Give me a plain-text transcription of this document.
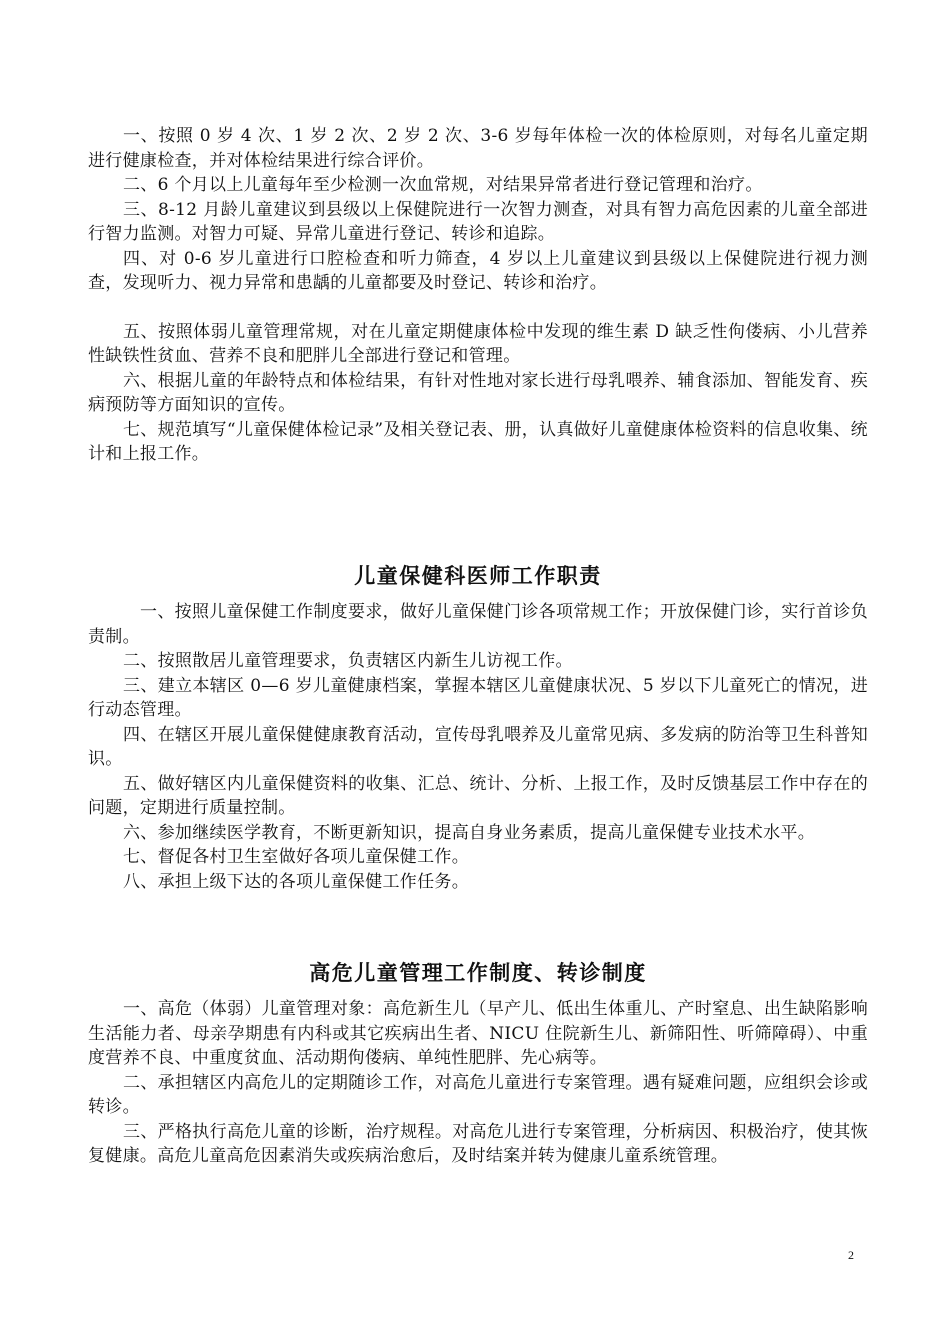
一、按照 0 岁 4 次、1 岁 2 次、2 岁 2 次、3-6 岁每年体检一次的体检原则，对每名儿童定期进行健康检查，并对体检结果进行综合评价。

二、6 个月以上儿童每年至少检测一次血常规，对结果异常者进行登记管理和治疗。

三、8-12 月龄儿童建议到县级以上保健院进行一次智力测查，对具有智力高危因素的儿童全部进行智力监测。对智力可疑、异常儿童进行登记、转诊和追踪。

四、对 0-6 岁儿童进行口腔检查和听力筛查，4 岁以上儿童建议到县级以上保健院进行视力测查，发现听力、视力异常和患龋的儿童都要及时登记、转诊和治疗。

五、按照体弱儿童管理常规，对在儿童定期健康体检中发现的维生素 D 缺乏性佝偻病、小儿营养性缺铁性贫血、营养不良和肥胖儿全部进行登记和管理。

六、根据儿童的年龄特点和体检结果，有针对性地对家长进行母乳喂养、辅食添加、智能发育、疾病预防等方面知识的宣传。

七、规范填写“儿童保健体检记录”及相关登记表、册，认真做好儿童健康体检资料的信息收集、统计和上报工作。

儿童保健科医师工作职责

一、按照儿童保健工作制度要求，做好儿童保健门诊各项常规工作；开放保健门诊，实行首诊负责制。

二、按照散居儿童管理要求，负责辖区内新生儿访视工作。

三、建立本辖区 0—6 岁儿童健康档案，掌握本辖区儿童健康状况、5 岁以下儿童死亡的情况，进行动态管理。

四、在辖区开展儿童保健健康教育活动，宣传母乳喂养及儿童常见病、多发病的防治等卫生科普知识。

五、做好辖区内儿童保健资料的收集、汇总、统计、分析、上报工作，及时反馈基层工作中存在的问题，定期进行质量控制。

六、参加继续医学教育，不断更新知识，提高自身业务素质，提高儿童保健专业技术水平。

七、督促各村卫生室做好各项儿童保健工作。

八、承担上级下达的各项儿童保健工作任务。

高危儿童管理工作制度、转诊制度

一、高危（体弱）儿童管理对象：高危新生儿（早产儿、低出生体重儿、产时窒息、出生缺陷影响生活能力者、母亲孕期患有内科或其它疾病出生者、NICU 住院新生儿、新筛阳性、听筛障碍）、中重度营养不良、中重度贫血、活动期佝偻病、单纯性肥胖、先心病等。

二、承担辖区内高危儿的定期随诊工作，对高危儿童进行专案管理。遇有疑难问题，应组织会诊或转诊。

三、严格执行高危儿童的诊断，治疗规程。对高危儿进行专案管理，分析病因、积极治疗，使其恢复健康。高危儿童高危因素消失或疾病治愈后，及时结案并转为健康儿童系统管理。

2
